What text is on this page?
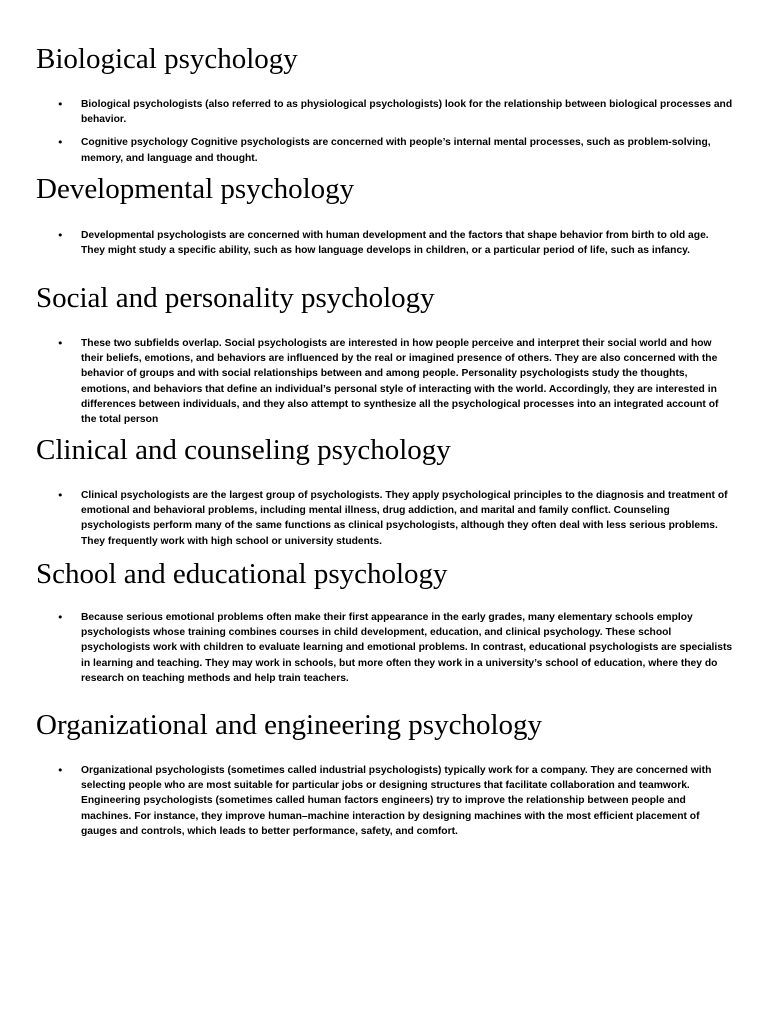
Biological psychology
• Biological psychologists (also referred to as physiological psychologists) look for the relationship between biological processes and behavior.
• Cognitive psychology Cognitive psychologists are concerned with people’s internal mental processes, such as problem-solving, memory, and language and thought.
Developmental psychology
• Developmental psychologists are concerned with human development and the factors that shape behavior from birth to old age. They might study a specific ability, such as how language develops in children, or a particular period of life, such as infancy.
Social and personality psychology
• These two subfields overlap. Social psychologists are interested in how people perceive and interpret their social world and how their beliefs, emotions, and behaviors are influenced by the real or imagined presence of others. They are also concerned with the behavior of groups and with social relationships between and among people. Personality psychologists study the thoughts, emotions, and behaviors that define an individual’s personal style of interacting with the world. Accordingly, they are interested in differences between individuals, and they also attempt to synthesize all the psychological processes into an integrated account of the total person
Clinical and counseling psychology
• Clinical psychologists are the largest group of psychologists. They apply psychological principles to the diagnosis and treatment of emotional and behavioral problems, including mental illness, drug addiction, and marital and family conflict. Counseling psychologists perform many of the same functions as clinical psychologists, although they often deal with less serious problems. They frequently work with high school or university students.
School and educational psychology
• Because serious emotional problems often make their first appearance in the early grades, many elementary schools employ psychologists whose training combines courses in child development, education, and clinical psychology. These school psychologists work with children to evaluate learning and emotional problems. In contrast, educational psychologists are specialists in learning and teaching. They may work in schools, but more often they work in a university’s school of education, where they do research on teaching methods and help train teachers.
Organizational and engineering psychology
• Organizational psychologists (sometimes called industrial psychologists) typically work for a company. They are concerned with selecting people who are most suitable for particular jobs or designing structures that facilitate collaboration and teamwork. Engineering psychologists (sometimes called human factors engineers) try to improve the relationship between people and machines. For instance, they improve human–machine interaction by designing machines with the most efficient placement of gauges and controls, which leads to better performance, safety, and comfort.
